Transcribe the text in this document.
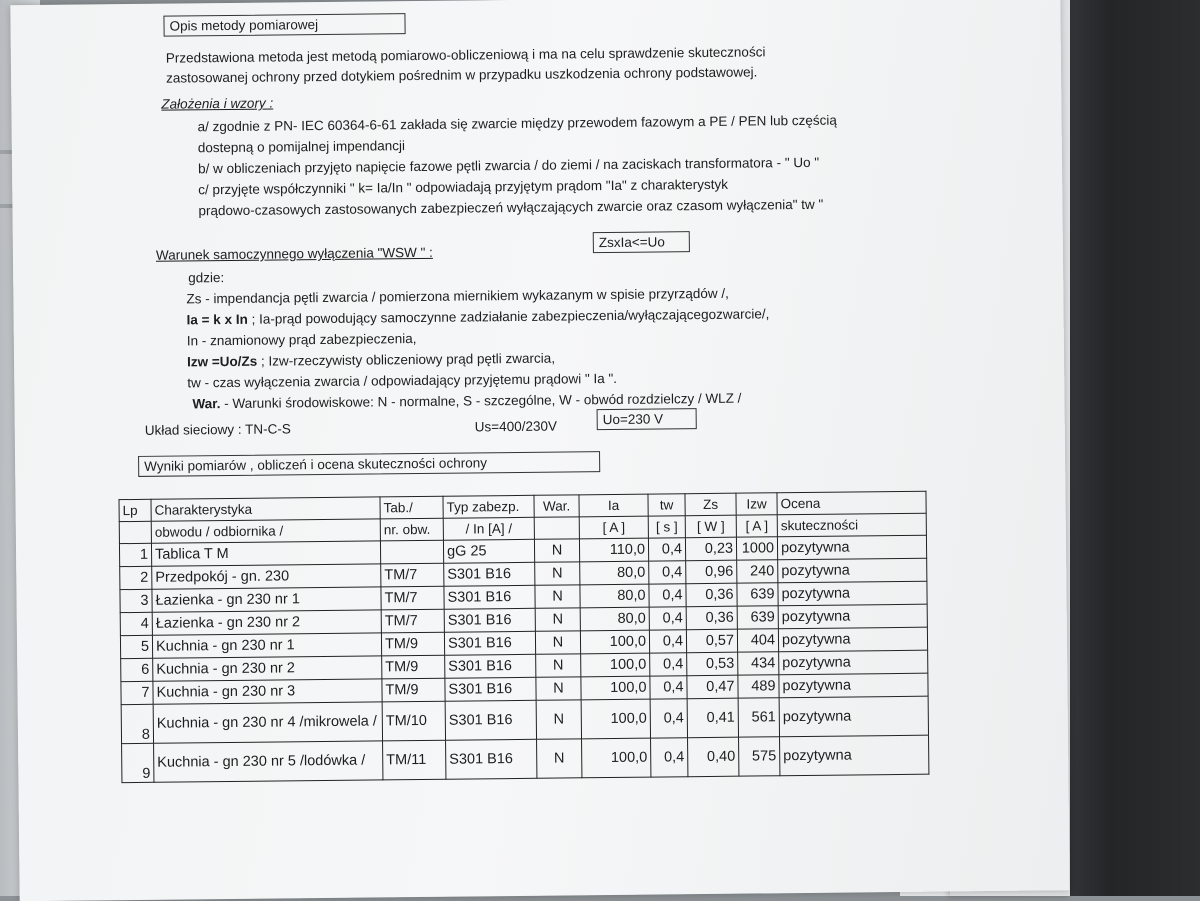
Opis metody pomiarowej
Przedstawiona metoda jest metodą pomiarowo-obliczeniową i ma na celu sprawdzenie skuteczności
zastosowanej ochrony przed dotykiem pośrednim w przypadku uszkodzenia ochrony podstawowej.
Założenia i wzory :
a/ zgodnie z PN- IEC 60364-6-61 zakłada się zwarcie między przewodem fazowym a PE / PEN lub częścią
dostepną o pomijalnej impendancji
b/ w obliczeniach przyjęto napięcie fazowe pętli zwarcia / do ziemi / na zaciskach transformatora - " Uo "
c/ przyjęte współczynniki " k= Ia/In " odpowiadają przyjętym prądom "Ia" z charakterystyk
prądowo-czasowych zastosowanych zabezpieczeń wyłączających zwarcie oraz czasom wyłączenia" tw "
Warunek samoczynnego wyłączenia "WSW " :
ZsxIa<=Uo
gdzie:
Zs - impendancja pętli zwarcia / pomierzona miernikiem wykazanym w spisie przyrządów /,
Ia = k x In ; Ia-prąd powodujący samoczynne zadziałanie zabezpieczenia/wyłączającegozwarcie/,
In - znamionowy prąd zabezpieczenia,
Izw =Uo/Zs ; Izw-rzeczywisty obliczeniowy prąd pętli zwarcia,
tw - czas wyłączenia zwarcia / odpowiadający przyjętemu prądowi " Ia ".
War. - Warunki środowiskowe: N - normalne, S - szczególne, W - obwód rozdzielczy / WLZ /
Układ sieciowy : TN-C-S	Us=400/230V	Uo=230 V
Wyniki pomiarów , obliczeń i ocena skuteczności ochrony
Lp	Charakterystyka	Tab./	Typ zabezp.	War.	Ia	tw	Zs	Izw	Ocena
	obwodu / odbiornika /	nr. obw.	/ In [A] /		[ A ]	[ s ]	[ W ]	[ A ]	skuteczności
1	Tablica T M		gG 25	N	110,0	0,4	0,23	1000	pozytywna
2	Przedpokój - gn. 230	TM/7	S301 B16	N	80,0	0,4	0,96	240	pozytywna
3	Łazienka - gn 230 nr 1	TM/7	S301 B16	N	80,0	0,4	0,36	639	pozytywna
4	Łazienka - gn 230 nr 2	TM/7	S301 B16	N	80,0	0,4	0,36	639	pozytywna
5	Kuchnia - gn 230 nr 1	TM/9	S301 B16	N	100,0	0,4	0,57	404	pozytywna
6	Kuchnia - gn 230 nr 2	TM/9	S301 B16	N	100,0	0,4	0,53	434	pozytywna
7	Kuchnia - gn 230 nr 3	TM/9	S301 B16	N	100,0	0,4	0,47	489	pozytywna
8	Kuchnia - gn 230 nr 4 /mikrowela /	TM/10	S301 B16	N	100,0	0,4	0,41	561	pozytywna
9	Kuchnia - gn 230 nr 5 /lodówka /	TM/11	S301 B16	N	100,0	0,4	0,40	575	pozytywna
